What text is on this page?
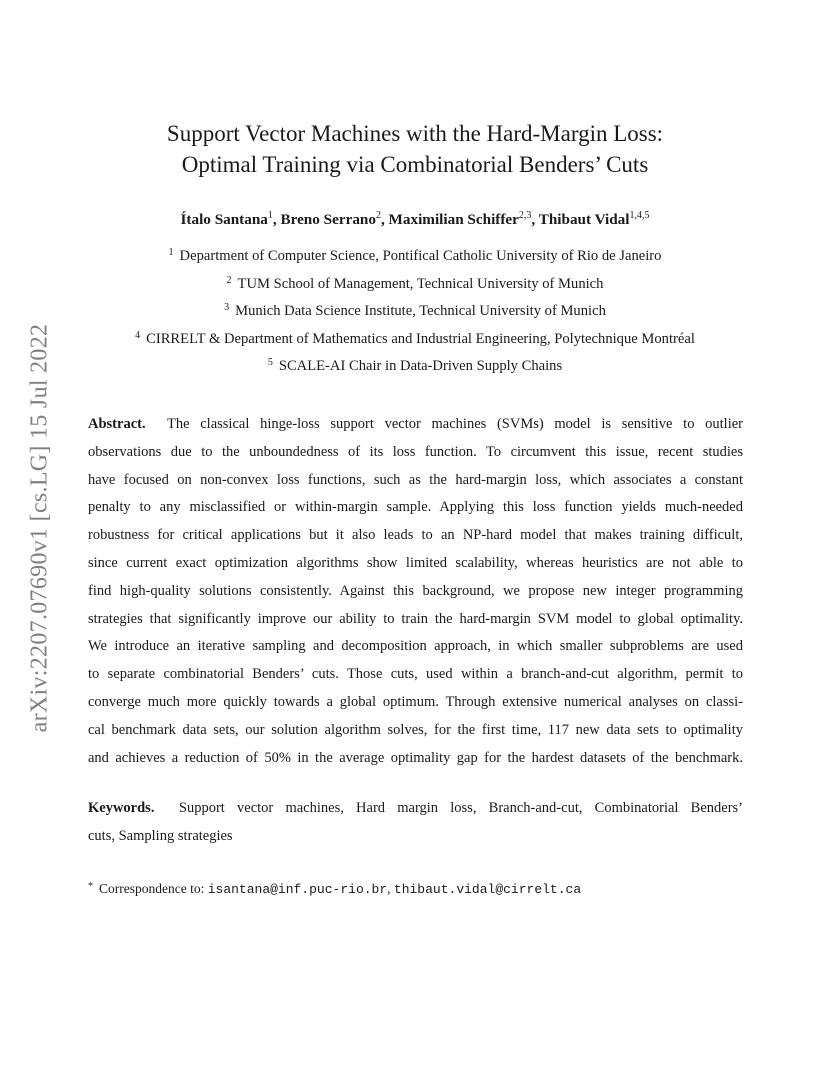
arXiv:2207.07690v1 [cs.LG] 15 Jul 2022
Support Vector Machines with the Hard-Margin Loss:
Optimal Training via Combinatorial Benders’ Cuts
Ítalo Santana$^1$, Breno Serrano$^2$, Maximilian Schiffer$^{2,3}$, Thibaut Vidal$^{1,4,5}$
$^1$ Department of Computer Science, Pontifical Catholic University of Rio de Janeiro
$^2$ TUM School of Management, Technical University of Munich
$^3$ Munich Data Science Institute, Technical University of Munich
$^4$ CIRRELT & Department of Mathematics and Industrial Engineering, Polytechnique Montréal
$^5$ SCALE-AI Chair in Data-Driven Supply Chains
Abstract. The classical hinge-loss support vector machines (SVMs) model is sensitive to outlier
observations due to the unboundedness of its loss function. To circumvent this issue, recent studies
have focused on non-convex loss functions, such as the hard-margin loss, which associates a constant
penalty to any misclassified or within-margin sample. Applying this loss function yields much-needed
robustness for critical applications but it also leads to an NP-hard model that makes training difficult,
since current exact optimization algorithms show limited scalability, whereas heuristics are not able to
find high-quality solutions consistently. Against this background, we propose new integer programming
strategies that significantly improve our ability to train the hard-margin SVM model to global optimality.
We introduce an iterative sampling and decomposition approach, in which smaller subproblems are used
to separate combinatorial Benders’ cuts. Those cuts, used within a branch-and-cut algorithm, permit to
converge much more quickly towards a global optimum. Through extensive numerical analyses on classi-
cal benchmark data sets, our solution algorithm solves, for the first time, 117 new data sets to optimality
and achieves a reduction of 50% in the average optimality gap for the hardest datasets of the benchmark.
Keywords. Support vector machines, Hard margin loss, Branch-and-cut, Combinatorial Benders’
cuts, Sampling strategies
* Correspondence to: isantana@inf.puc-rio.br, thibaut.vidal@cirrelt.ca
